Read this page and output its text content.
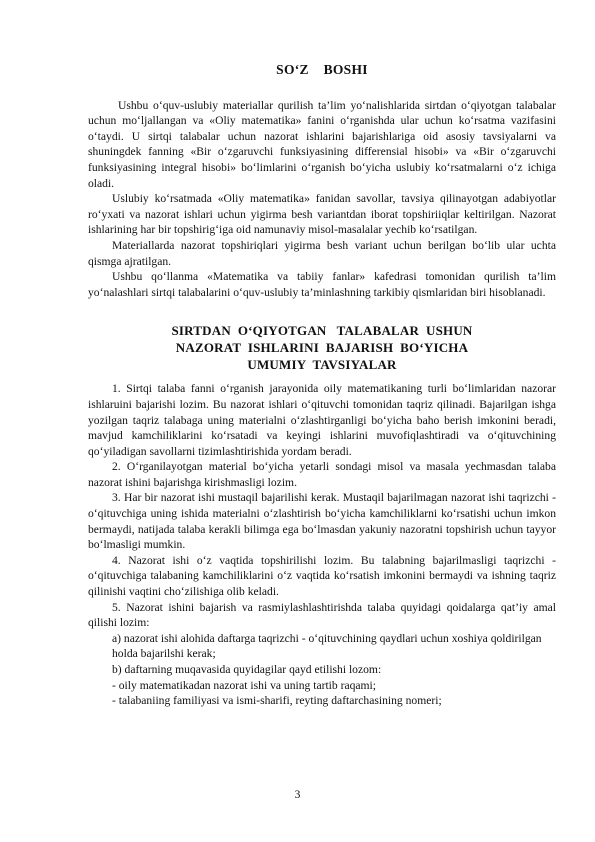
SO‘Z    BOSHI

Ushbu o‘quv-uslubiy materiallar qurilish ta’lim yo‘nalishlarida sirtdan o‘qiyotgan talabalar uchun mo‘ljallangan va «Oliy matematika» fanini o‘rganishda ular uchun ko‘rsatma vazifasini o‘taydi. U sirtqi talabalar uchun nazorat ishlarini bajarishlariga oid asosiy tavsiyalarni va shuningdek fanning «Bir o‘zgaruvchi funksiyasining differensial hisobi» va «Bir o‘zgaruvchi funksiyasining integral hisobi» bo‘limlarini o‘rganish bo‘yicha uslubiy ko‘rsatmalarni o‘z ichiga oladi.

Uslubiy ko‘rsatmada «Oliy matematika» fanidan savollar, tavsiya qilinayotgan adabiyotlar ro‘yxati va nazorat ishlari uchun yigirma besh variantdan iborat topshiriiqlar keltirilgan. Nazorat ishlarining har bir topshirig‘iga oid namunaviy misol-masalalar yechib ko‘rsatilgan.

Materiallarda nazorat topshiriqlari yigirma besh variant uchun berilgan bo‘lib ular uchta qismga ajratilgan.

Ushbu qo‘llanma «Matematika va tabiiy fanlar» kafedrasi tomonidan qurilish ta’lim yo‘nalashlari sirtqi talabalarini o‘quv-uslubiy ta’minlashning tarkibiy qismlaridan biri hisoblanadi.

SIRTDAN  O‘QIYOTGAN   TALABALAR  USHUN
NAZORAT  ISHLARINI  BAJARISH  BO‘YICHA
UMUMIY  TAVSIYALAR

1. Sirtqi talaba fanni o‘rganish jarayonida oily matematikaning turli bo‘limlaridan nazorar ishlaruini bajarishi lozim. Bu nazorat ishlari o‘qituvchi tomonidan taqriz qilinadi. Bajarilgan ishga yozilgan taqriz talabaga uning materialni o‘zlashtirganligi bo‘yicha baho berish imkonini beradi, mavjud kamchiliklarini ko‘rsatadi va keyingi ishlarini muvofiqlashtiradi va o‘qituvchining qo‘yiladigan savollarni tizimlashtirishida yordam beradi.

2. O‘rganilayotgan material bo‘yicha yetarli sondagi misol va masala yechmasdan talaba nazorat ishini bajarishga kirishmasligi lozim.

3. Har bir nazorat ishi mustaqil bajarilishi kerak. Mustaqil bajarilmagan nazorat ishi taqrizchi - o‘qituvchiga uning ishida materialni o‘zlashtirish bo‘yicha kamchiliklarni ko‘rsatishi uchun imkon bermaydi, natijada talaba kerakli bilimga ega bo‘lmasdan yakuniy nazoratni topshirish uchun tayyor bo‘lmasligi mumkin.

4. Nazorat ishi o‘z vaqtida topshirilishi lozim. Bu talabning bajarilmasligi taqrizchi - o‘qituvchiga talabaning kamchiliklarini o‘z vaqtida ko‘rsatish imkonini bermaydi va ishning taqriz qilinishi vaqtini cho‘zilishiga olib keladi.

5. Nazorat ishini bajarish va rasmiylashlashtirishda talaba quyidagi qoidalarga qat’iy amal qilishi lozim:

a) nazorat ishi alohida daftarga taqrizchi - o‘qituvchining qaydlari uchun xoshiya qoldirilgan holda bajarilshi kerak;
b) daftarning muqavasida quyidagilar qayd etilishi lozom:
- oily matematikadan nazorat ishi va uning tartib raqami;
- talabaniing familiyasi va ismi-sharifi, reyting daftarchasining nomeri;
3
